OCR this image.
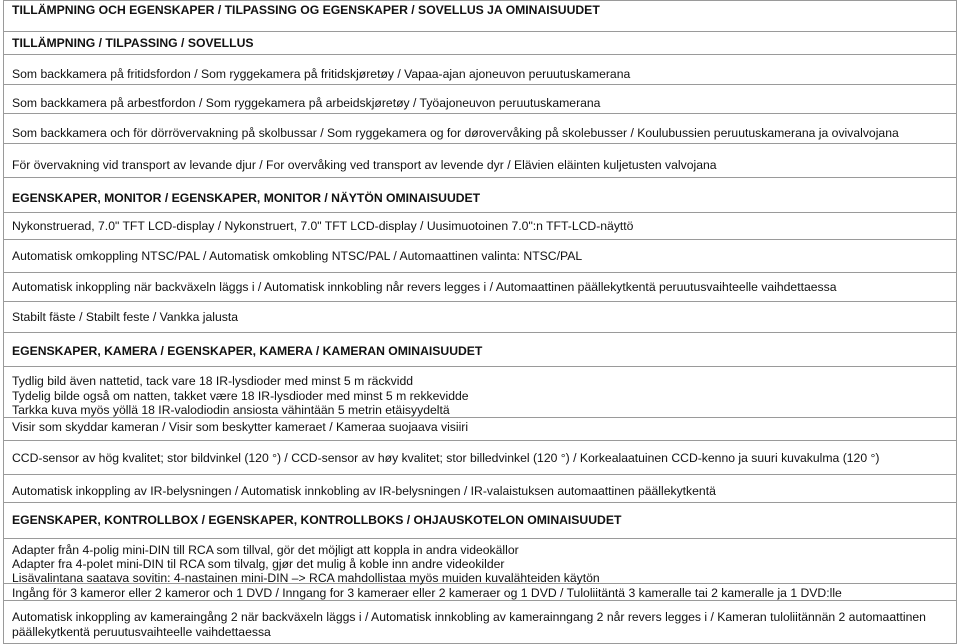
TILLÄMPNING OCH EGENSKAPER / TILPASSING OG EGENSKAPER / SOVELLUS JA OMINAISUUDET
TILLÄMPNING / TILPASSING / SOVELLUS
Som backkamera på fritidsfordon / Som ryggekamera på fritidskjøretøy / Vapaa-ajan ajoneuvon peruutuskamerana
Som backkamera på arbestfordon / Som ryggekamera på arbeidskjøretøy / Työajoneuvon peruutuskamerana
Som backkamera och för dörrövervakning på skolbussar / Som ryggekamera og for dørovervåking på skolebusser / Koulubussien peruutuskamerana ja ovivalvojana
För övervakning vid transport av levande djur / For overvåking ved transport av levende dyr / Elävien eläinten kuljetusten valvojana
EGENSKAPER, MONITOR / EGENSKAPER, MONITOR / NÄYTÖN OMINAISUUDET
Nykonstruerad, 7.0" TFT LCD-display / Nykonstruert, 7.0" TFT LCD-display / Uusimuotoinen 7.0":n TFT-LCD-näyttö
Automatisk omkoppling NTSC/PAL / Automatisk omkobling NTSC/PAL / Automaattinen valinta: NTSC/PAL
Automatisk inkoppling när backväxeln läggs i / Automatisk innkobling når revers legges i / Automaattinen päällekytkentä peruutusvaihteelle vaihdettaessa
Stabilt fäste / Stabilt feste / Vankka jalusta
EGENSKAPER, KAMERA / EGENSKAPER, KAMERA / KAMERAN OMINAISUUDET
Tydlig bild även nattetid, tack vare 18 IR-lysdioder med minst 5 m räckvidd
Tydelig bilde også om natten, takket være 18 IR-lysdioder med minst 5 m rekkevidde
Tarkka kuva myös yöllä 18 IR-valodiodin ansiosta vähintään 5 metrin etäisyydeltä
Visir som skyddar kameran / Visir som beskytter kameraet / Kameraa suojaava visiiri
CCD-sensor av hög kvalitet; stor bildvinkel (120 °) / CCD-sensor av høy kvalitet; stor billedvinkel (120 °) / Korkealaatuinen CCD-kenno ja suuri kuvakulma (120 °)
Automatisk inkoppling av IR-belysningen / Automatisk innkobling av IR-belysningen / IR-valaistuksen automaattinen päällekytkentä
EGENSKAPER, KONTROLLBOX / EGENSKAPER, KONTROLLBOKS / OHJAUSKOTELON OMINAISUUDET
Adapter från 4-polig mini-DIN till RCA som tillval, gör det möjligt att koppla in andra videokällor
Adapter fra 4-polet mini-DIN til RCA som tilvalg, gjør det mulig å koble inn andre videokilder
Lisävalintana saatava sovitin: 4-nastainen mini-DIN –> RCA mahdollistaa myös muiden kuvalähteiden käytön
Ingång för 3 kameror eller 2 kameror och 1 DVD / Inngang for 3 kameraer eller 2 kameraer og 1 DVD / Tuloliitäntä 3 kameralle tai 2 kameralle ja 1 DVD:lle
Automatisk inkoppling av kameraingång 2 när backväxeln läggs i / Automatisk innkobling av kamerainngang 2 når revers legges i / Kameran tuloliitännän 2 automaattinen päällekytkentä peruutusvaihteelle vaihdettaessa
